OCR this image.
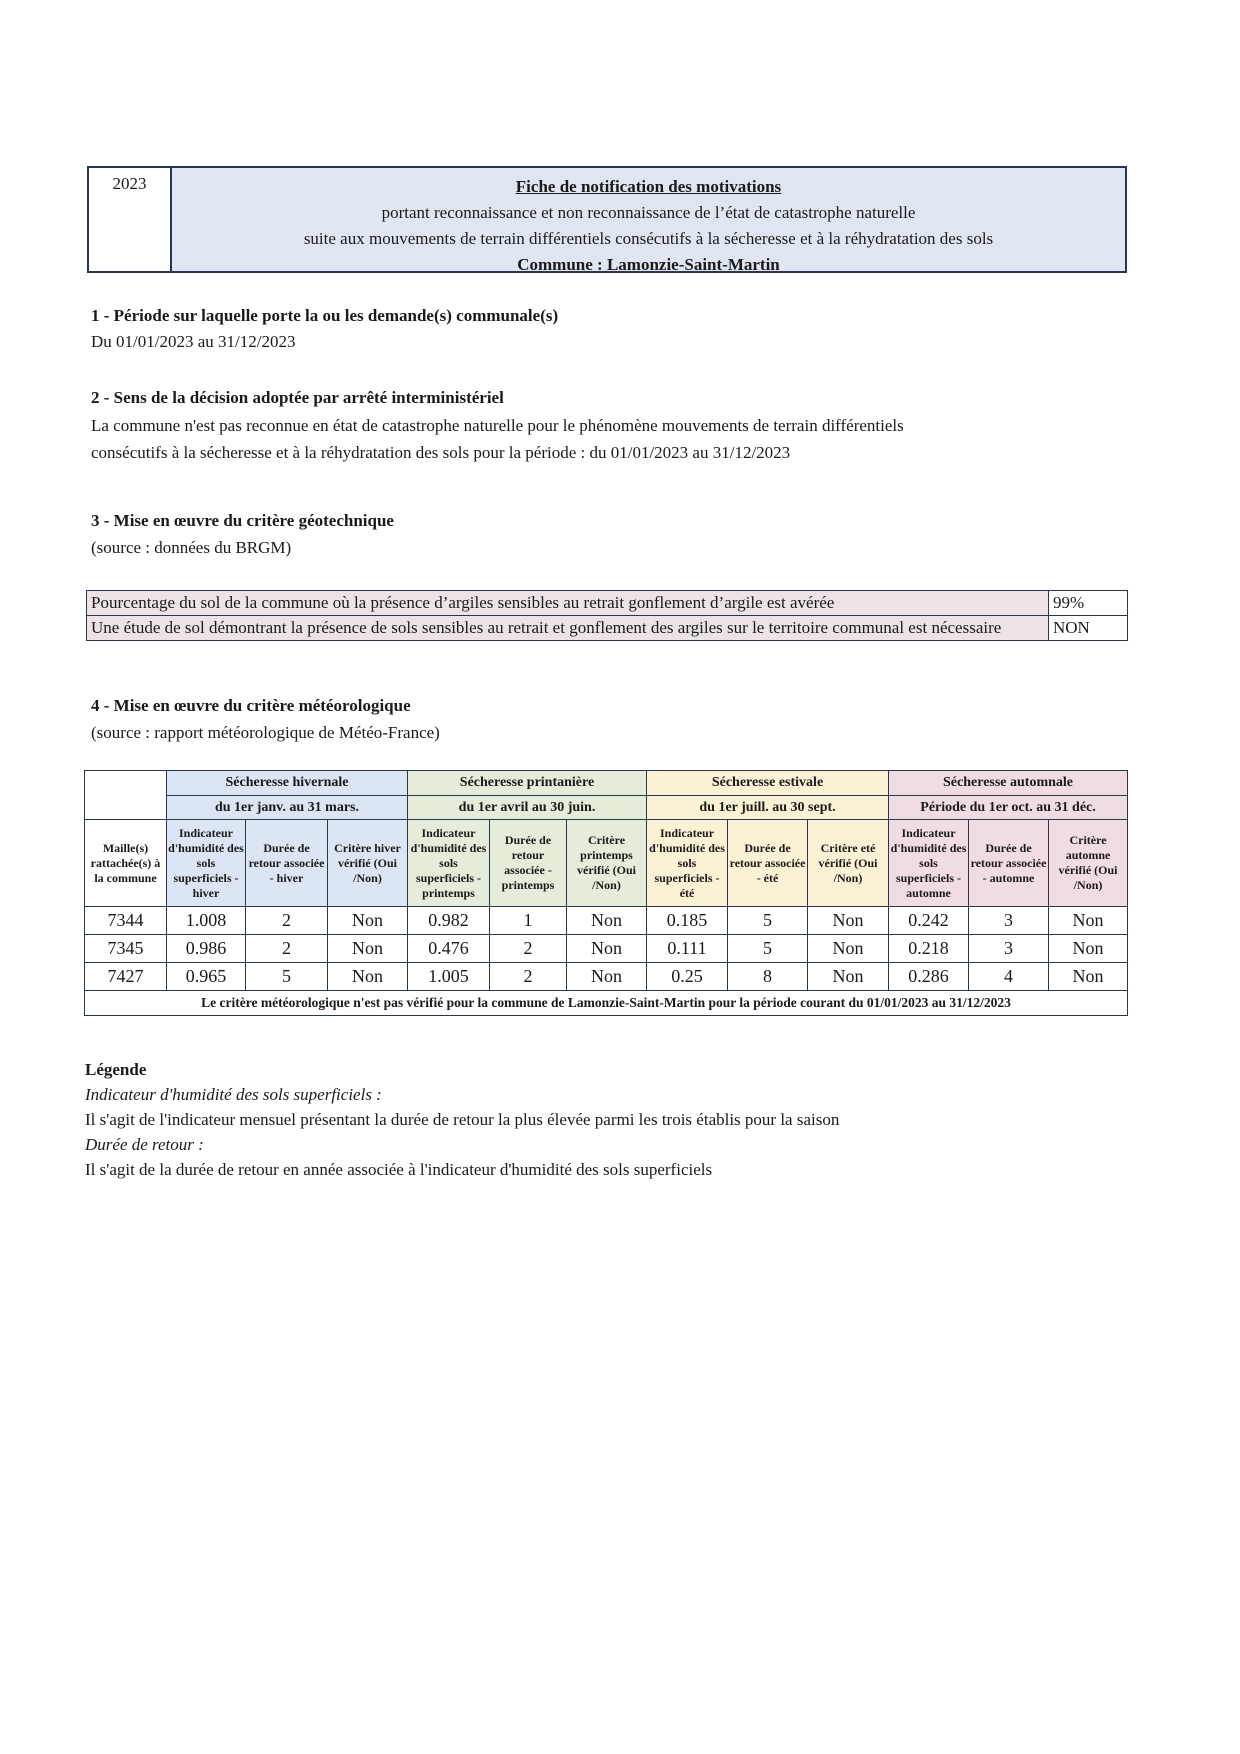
2023	Fiche de notification des motivations
portant reconnaissance et non reconnaissance de l’état de catastrophe naturelle
suite aux mouvements de terrain différentiels consécutifs à la sécheresse et à la réhydratation des sols
Commune : Lamonzie-Saint-Martin
1 - Période sur laquelle porte la ou les demande(s) communale(s)
Du 01/01/2023 au 31/12/2023
2 - Sens de la décision adoptée par arrêté interministériel
La commune n'est pas reconnue en état de catastrophe naturelle pour le phénomène mouvements de terrain différentiels
consécutifs à la sécheresse et à la réhydratation des sols pour la période : du 01/01/2023 au 31/12/2023
3 - Mise en œuvre du critère géotechnique
(source : données du BRGM)
Pourcentage du sol de la commune où la présence d’argiles sensibles au retrait gonflement d’argile est avérée	99%
Une étude de sol démontrant la présence de sols sensibles au retrait et gonflement des argiles sur le territoire communal est nécessaire	NON
4 - Mise en œuvre du critère météorologique
(source : rapport météorologique de Météo-France)
	Sécheresse hivernale			Sécheresse printanière			Sécheresse estivale			Sécheresse automnale		
	du 1er janv. au 31 mars.			du 1er avril au 30 juin.			du 1er juill. au 30 sept.			Période du 1er oct. au 31 déc.		
Maille(s) rattachée(s) à la commune	Indicateur d'humidité des sols superficiels - hiver	Durée de retour associée - hiver	Critère hiver vérifié (Oui /Non)	Indicateur d'humidité des sols superficiels - printemps	Durée de retour associée - printemps	Critère printemps vérifié (Oui /Non)	Indicateur d'humidité des sols superficiels - été	Durée de retour associée - été	Critère eté vérifié (Oui /Non)	Indicateur d'humidité des sols superficiels - automne	Durée de retour associée - automne	Critère automne vérifié (Oui /Non)
7344	1.008	2	Non	0.982	1	Non	0.185	5	Non	0.242	3	Non
7345	0.986	2	Non	0.476	2	Non	0.111	5	Non	0.218	3	Non
7427	0.965	5	Non	1.005	2	Non	0.25	8	Non	0.286	4	Non
Le critère météorologique n'est pas vérifié pour la commune de Lamonzie-Saint-Martin pour la période courant du 01/01/2023 au 31/12/2023												
Légende
Indicateur d'humidité des sols superficiels :
Il s'agit de l'indicateur mensuel présentant la durée de retour la plus élevée parmi les trois établis pour la saison
Durée de retour :
Il s'agit de la durée de retour en année associée à l'indicateur d'humidité des sols superficiels
